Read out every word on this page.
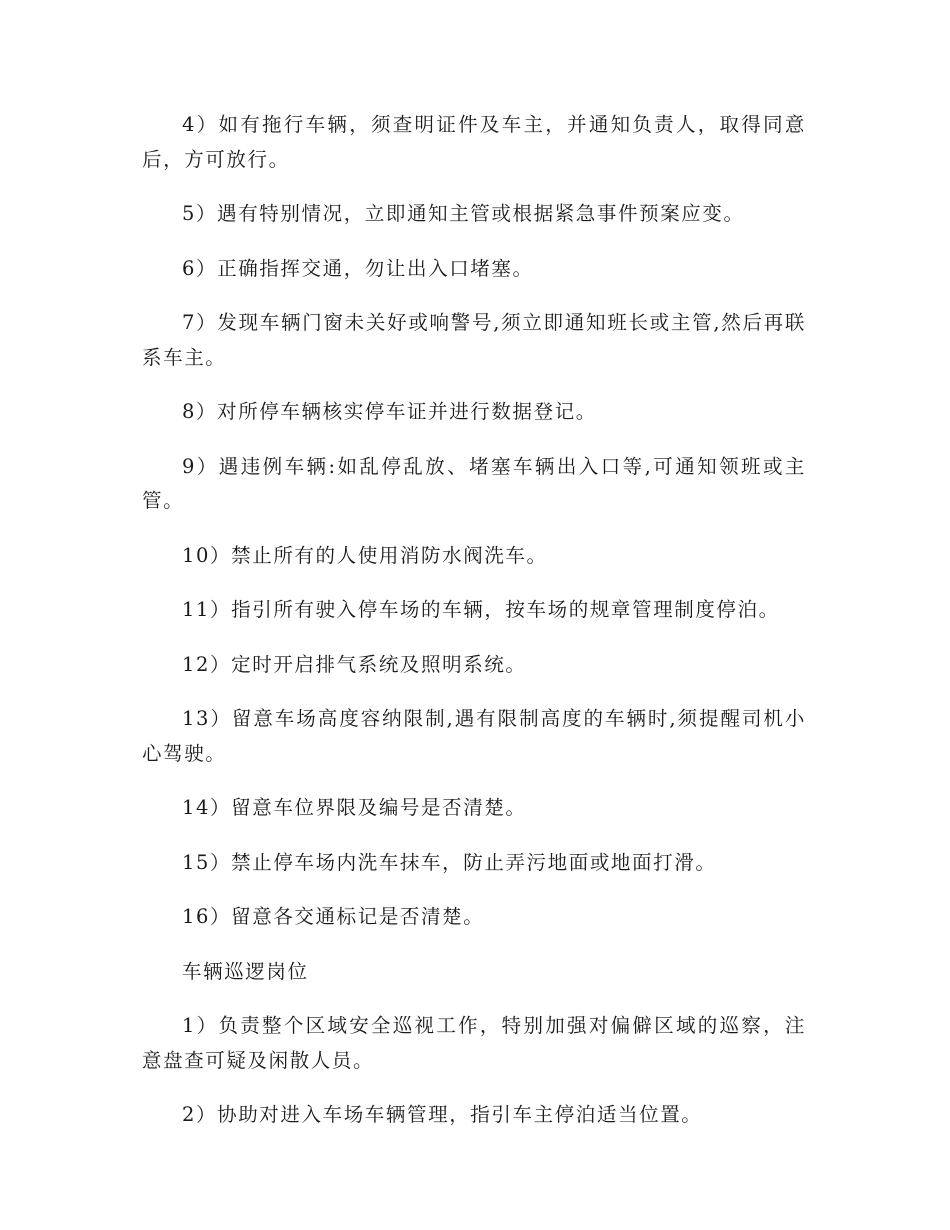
4）如有拖行车辆，须查明证件及车主，并通知负责人，取得同意后，方可放行。

5）遇有特别情况，立即通知主管或根据紧急事件预案应变。

6）正确指挥交通，勿让出入口堵塞。

7）发现车辆门窗未关好或响警号,须立即通知班长或主管,然后再联系车主。

8）对所停车辆核实停车证并进行数据登记。

9）遇违例车辆:如乱停乱放、堵塞车辆出入口等,可通知领班或主管。

10）禁止所有的人使用消防水阀洗车。

11）指引所有驶入停车场的车辆，按车场的规章管理制度停泊。

12）定时开启排气系统及照明系统。

13）留意车场高度容纳限制,遇有限制高度的车辆时,须提醒司机小心驾驶。

14）留意车位界限及编号是否清楚。

15）禁止停车场内洗车抹车，防止弄污地面或地面打滑。

16）留意各交通标记是否清楚。

车辆巡逻岗位

1）负责整个区域安全巡视工作，特别加强对偏僻区域的巡察，注意盘查可疑及闲散人员。

2）协助对进入车场车辆管理，指引车主停泊适当位置。
